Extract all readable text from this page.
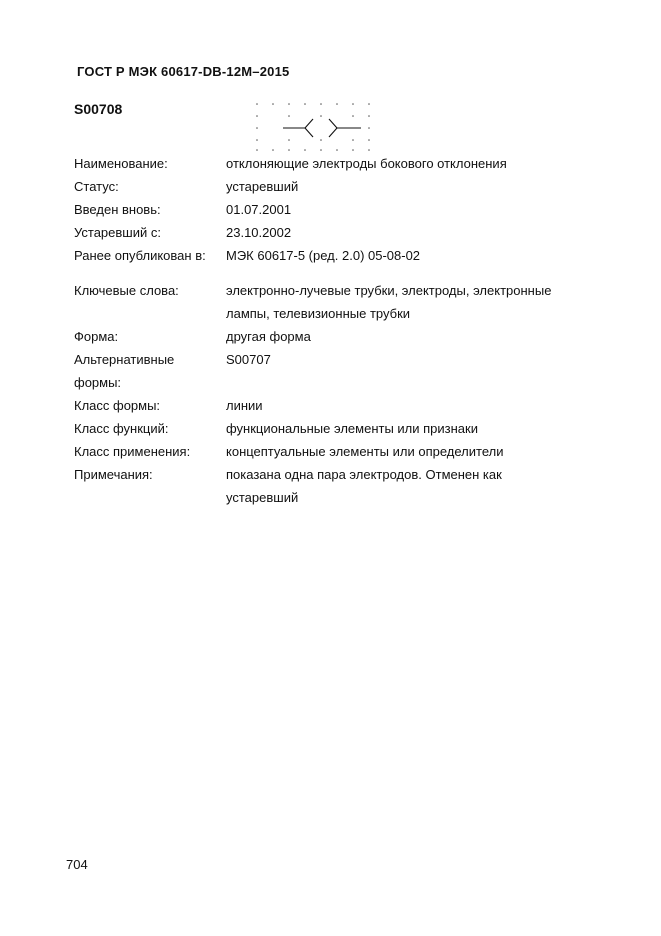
ГОСТ Р МЭК 60617-DB-12M–2015
S00708
Наименование:	отклоняющие электроды бокового отклонения
Статус:	устаревший
Введен вновь:	01.07.2001
Устаревший с:	23.10.2002
Ранее опубликован в:	МЭК 60617-5 (ред. 2.0) 05-08-02
Ключевые слова:	электронно-лучевые трубки, электроды, электронные
лампы, телевизионные трубки
Форма:	другая форма
Альтернативные	S00707
формы:
Класс формы:	линии
Класс функций:	функциональные элементы или признаки
Класс применения:	концептуальные элементы или определители
Примечания:	показана одна пара электродов. Отменен как
устаревший
704
